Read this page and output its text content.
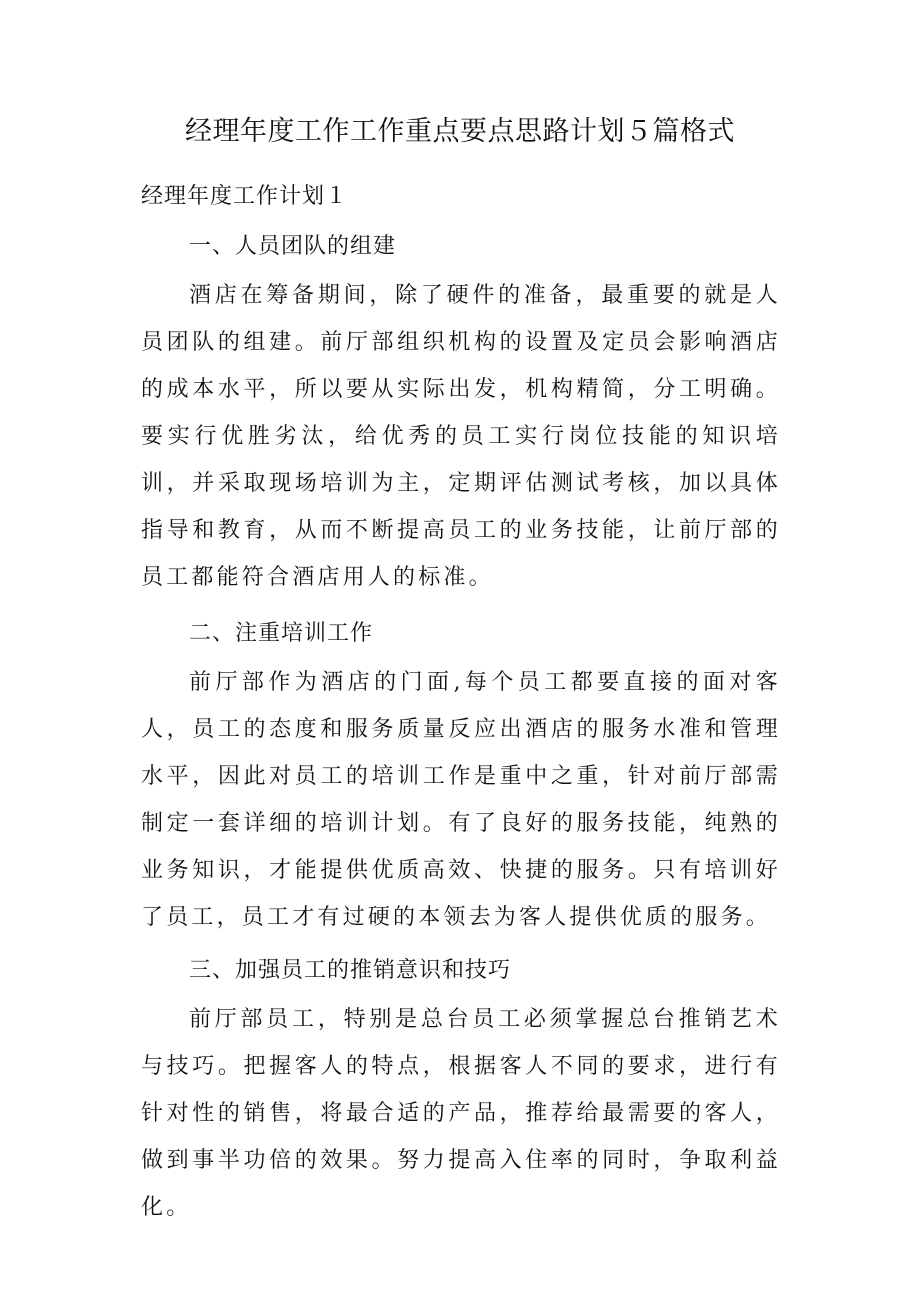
经理年度工作工作重点要点思路计划５篇格式

经理年度工作计划１

一、人员团队的组建

酒店在筹备期间，除了硬件的准备，最重要的就是人员团队的组建。前厅部组织机构的设置及定员会影响酒店的成本水平，所以要从实际出发，机构精简，分工明确。要实行优胜劣汰，给优秀的员工实行岗位技能的知识培训，并采取现场培训为主，定期评估测试考核，加以具体指导和教育，从而不断提高员工的业务技能，让前厅部的员工都能符合酒店用人的标准。

二、注重培训工作

前厅部作为酒店的门面,每个员工都要直接的面对客人，员工的态度和服务质量反应出酒店的服务水准和管理水平，因此对员工的培训工作是重中之重，针对前厅部需制定一套详细的培训计划。有了良好的服务技能，纯熟的业务知识，才能提供优质高效、快捷的服务。只有培训好了员工，员工才有过硬的本领去为客人提供优质的服务。

三、加强员工的推销意识和技巧

前厅部员工，特别是总台员工必须掌握总台推销艺术与技巧。把握客人的特点，根据客人不同的要求，进行有针对性的销售，将最合适的产品，推荐给最需要的客人，做到事半功倍的效果。努力提高入住率的同时，争取利益化。
